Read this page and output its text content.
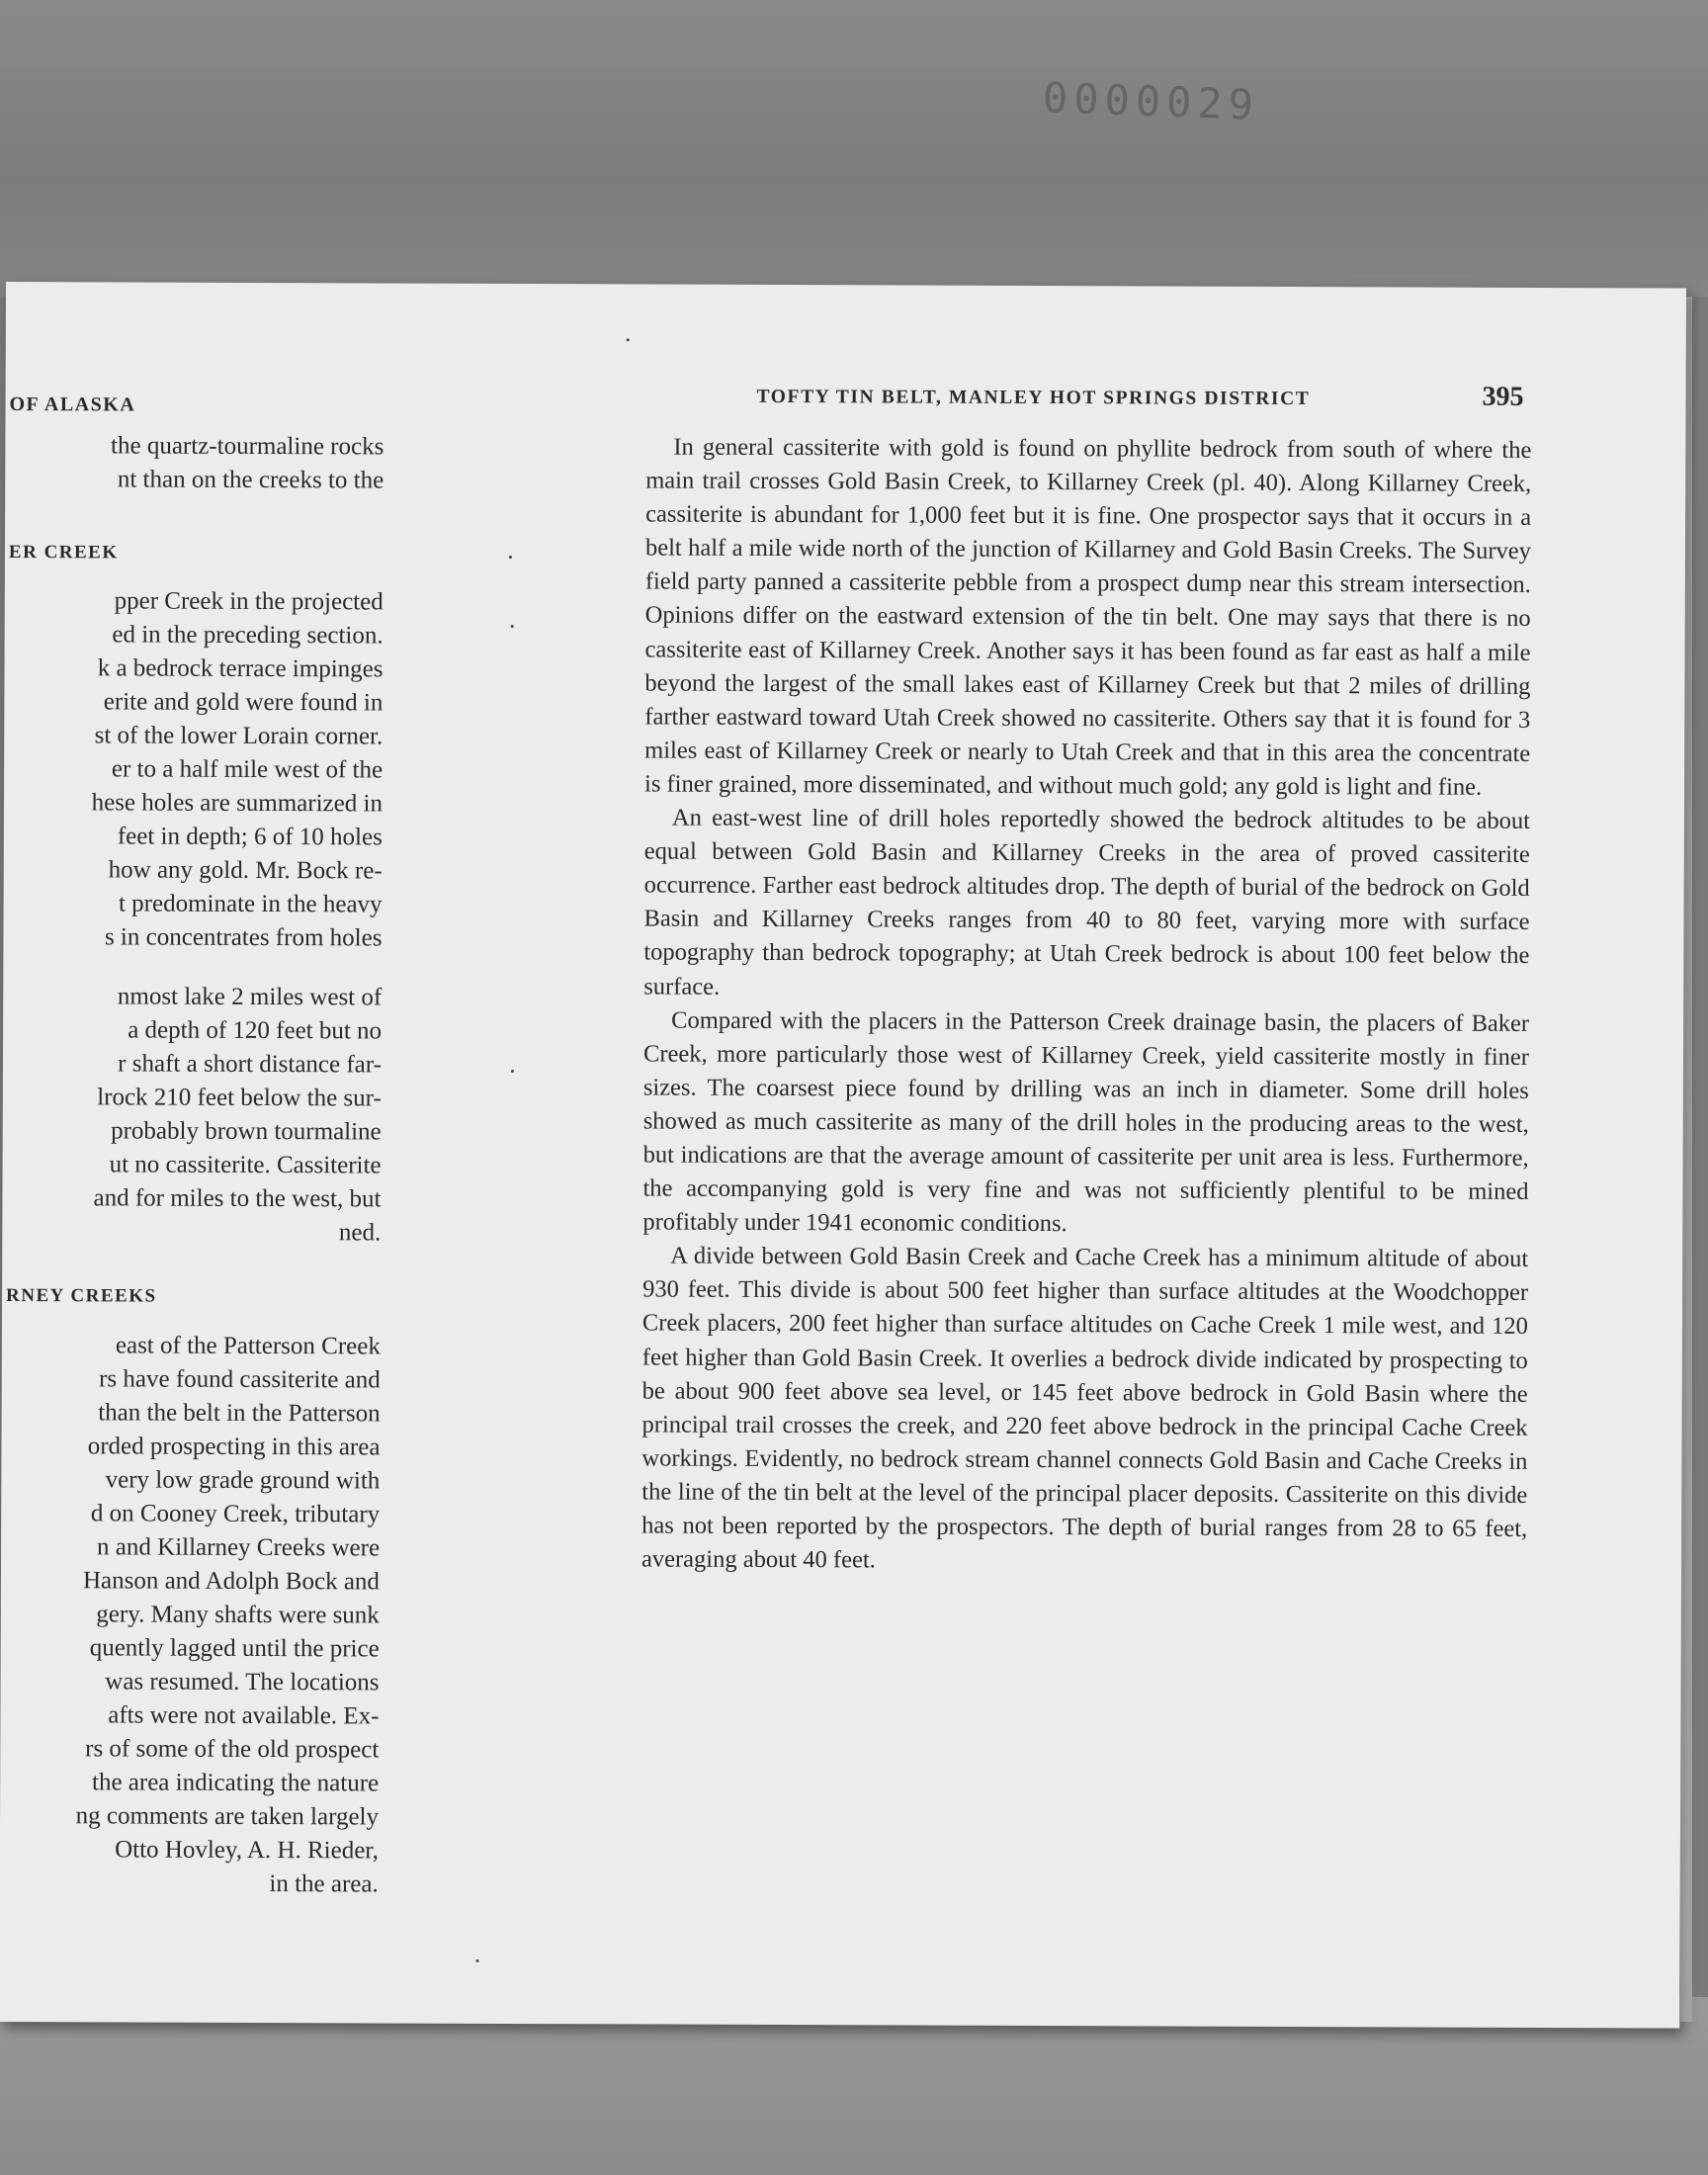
0000029
OF ALASKA
the quartz-tourmaline rocks
nt than on the creeks to the
ER CREEK
pper Creek in the projected
ed in the preceding section.
k a bedrock terrace impinges
erite and gold were found in
st of the lower Lorain corner.
er to a half mile west of the
hese holes are summarized in
feet in depth; 6 of 10 holes
how any gold. Mr. Bock re-
t predominate in the heavy
s in concentrates from holes
nmost lake 2 miles west of
a depth of 120 feet but no
r shaft a short distance far-
lrock 210 feet below the sur-
probably brown tourmaline
ut no cassiterite. Cassiterite
and for miles to the west, but
ned.
RNEY CREEKS
east of the Patterson Creek
rs have found cassiterite and
than the belt in the Patterson
orded prospecting in this area
very low grade ground with
d on Cooney Creek, tributary
n and Killarney Creeks were
Hanson and Adolph Bock and
gery. Many shafts were sunk
quently lagged until the price
was resumed. The locations
afts were not available. Ex-
rs of some of the old prospect
the area indicating the nature
ng comments are taken largely
Otto Hovley, A. H. Rieder,
in the area.
TOFTY TIN BELT, MANLEY HOT SPRINGS DISTRICT	395

In general cassiterite with gold is found on phyllite bedrock from south of where the main trail crosses Gold Basin Creek, to Killarney Creek (pl. 40). Along Killarney Creek, cassiterite is abundant for 1,000 feet but it is fine. One prospector says that it occurs in a belt half a mile wide north of the junction of Killarney and Gold Basin Creeks. The Survey field party panned a cassiterite pebble from a prospect dump near this stream intersection. Opinions differ on the eastward extension of the tin belt. One may says that there is no cassiterite east of Killarney Creek. Another says it has been found as far east as half a mile beyond the largest of the small lakes east of Killarney Creek but that 2 miles of drilling farther eastward toward Utah Creek showed no cassiterite. Others say that it is found for 3 miles east of Killarney Creek or nearly to Utah Creek and that in this area the concentrate is finer grained, more disseminated, and without much gold; any gold is light and fine.

An east-west line of drill holes reportedly showed the bedrock altitudes to be about equal between Gold Basin and Killarney Creeks in the area of proved cassiterite occurrence. Farther east bedrock altitudes drop. The depth of burial of the bedrock on Gold Basin and Killarney Creeks ranges from 40 to 80 feet, varying more with surface topography than bedrock topography; at Utah Creek bedrock is about 100 feet below the surface.

Compared with the placers in the Patterson Creek drainage basin, the placers of Baker Creek, more particularly those west of Killarney Creek, yield cassiterite mostly in finer sizes. The coarsest piece found by drilling was an inch in diameter. Some drill holes showed as much cassiterite as many of the drill holes in the producing areas to the west, but indications are that the average amount of cassiterite per unit area is less. Furthermore, the accompanying gold is very fine and was not sufficiently plentiful to be mined profitably under 1941 economic conditions.

A divide between Gold Basin Creek and Cache Creek has a minimum altitude of about 930 feet. This divide is about 500 feet higher than surface altitudes at the Woodchopper Creek placers, 200 feet higher than surface altitudes on Cache Creek 1 mile west, and 120 feet higher than Gold Basin Creek. It overlies a bedrock divide indicated by prospecting to be about 900 feet above sea level, or 145 feet above bedrock in Gold Basin where the principal trail crosses the creek, and 220 feet above bedrock in the principal Cache Creek workings. Evidently, no bedrock stream channel connects Gold Basin and Cache Creeks in the line of the tin belt at the level of the principal placer deposits. Cassiterite on this divide has not been reported by the prospectors. The depth of burial ranges from 28 to 65 feet, averaging about 40 feet.
